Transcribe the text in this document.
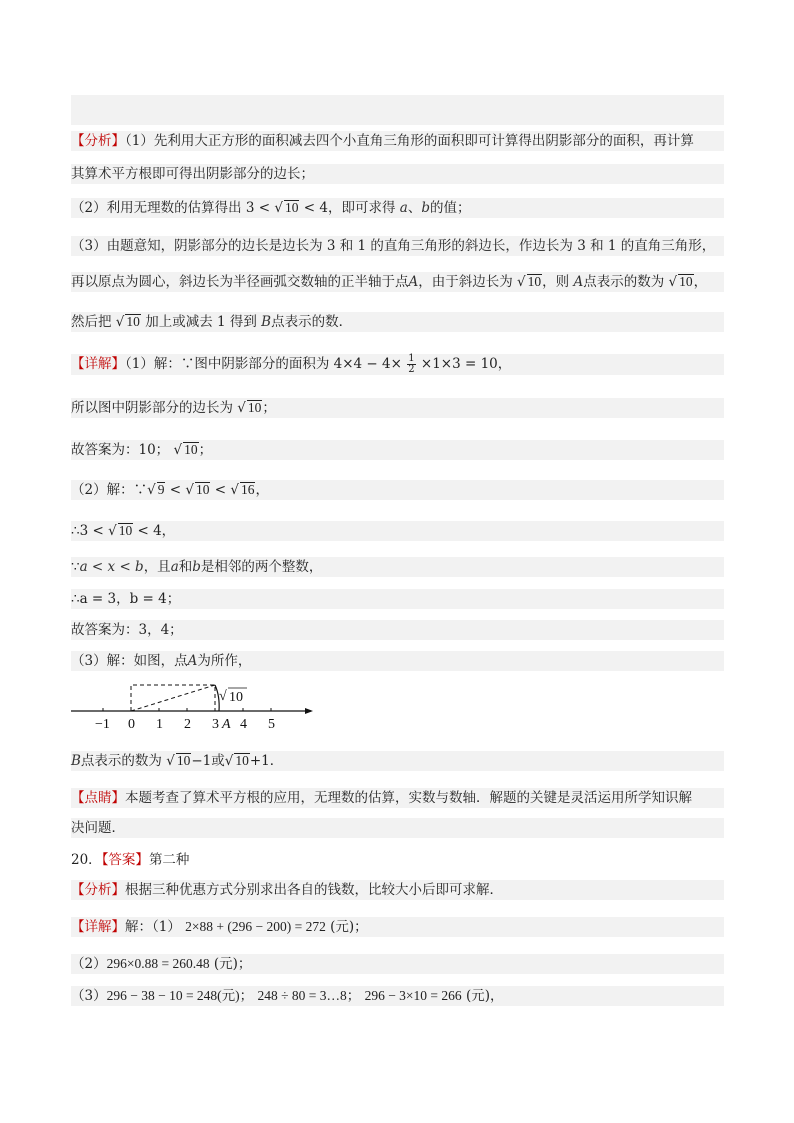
【分析】（1）先利用大正方形的面积减去四个小直角三角形的面积即可计算得出阴影部分的面积，再计算
其算术平方根即可得出阴影部分的边长；
（2）利用无理数的估算得出 3 < √ 10 < 4，即可求得 a、b的值；
（3）由题意知，阴影部分的边长是边长为 3 和 1 的直角三角形的斜边长，作边长为 3 和 1 的直角三角形，
再以原点为圆心，斜边长为半径画弧交数轴的正半轴于点A，由于斜边长为 √ 10，则 A点表示的数为 √ 10，
然后把 √ 10 加上或减去 1 得到 B点表示的数．
【详解】（1）解：∵图中阴影部分的面积为 $4\times 4 - 4\times \frac{1}{2} \times 1\times 3 = 10$，
所以图中阴影部分的边长为 √ 10；
故答案为：10； √ 10；
（2）解：∵√ 9 < √ 10 < √ 16，
∴3 < √ 10 < 4，
∵a < x < b，且a和b是相邻的两个整数，
∴a = 3，b = 4；
故答案为：3，4；
（3）解：如图，点A为所作，
√ 10
−1 0 1 2 3 A 4 5
B点表示的数为 √ 10−1或√ 10+1．
【点睛】本题考查了算术平方根的应用，无理数的估算，实数与数轴．解题的关键是灵活运用所学知识解
决问题．
20．【答案】第二种
【分析】根据三种优惠方式分别求出各自的钱数，比较大小后即可求解．
【详解】解：（1） 2×88 + (296 − 200) = 272 (元)；
（2）296×0.88 = 260.48 (元)；
（3）296 − 38 − 10 = 248(元)； 248 ÷ 80 = 3…8； 296 − 3×10 = 266 (元)，
